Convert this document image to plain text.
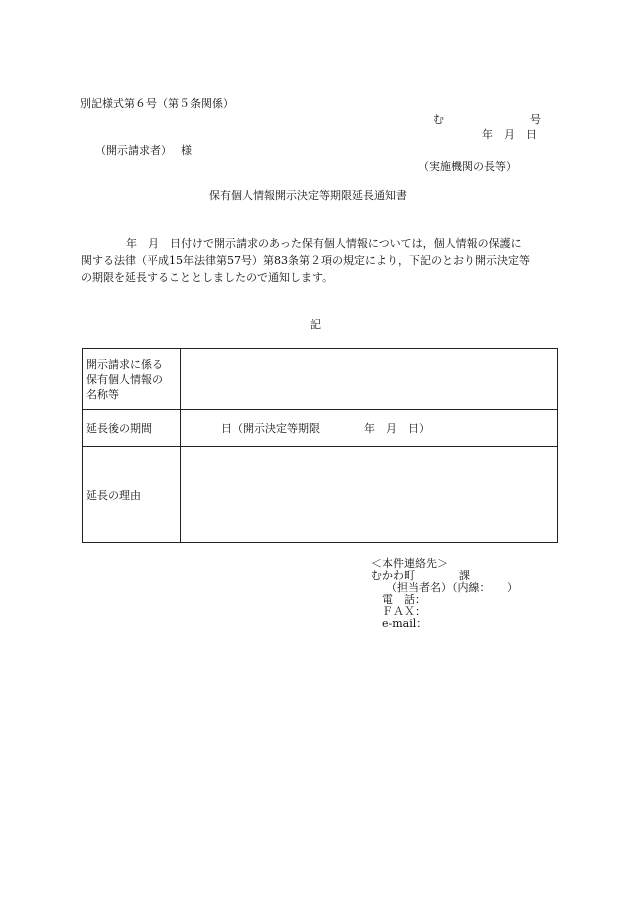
別記様式第６号（第５条関係）
む	号
年　月　日
（開示請求者）　 様
（実施機関の長等）
保有個人情報開示決定等期限延長通知書
年　月　日付けで開示請求のあった保有個人情報については，個人情報の保護に
関する法律（平成15年法律第57号）第83条第２項の規定により，下記のとおり開示決定等
の期限を延長することとしましたので通知します。
記
開示請求に係る
保有個人情報の
名称等	

延長後の期間	日（開示決定等期限　　　　年　月　日）
延長の理由	
＜本件連絡先＞
むかわ町　　　　課
（担当者名）（内線：　　）
電　話：
ＦＡＸ：
e-mail：
